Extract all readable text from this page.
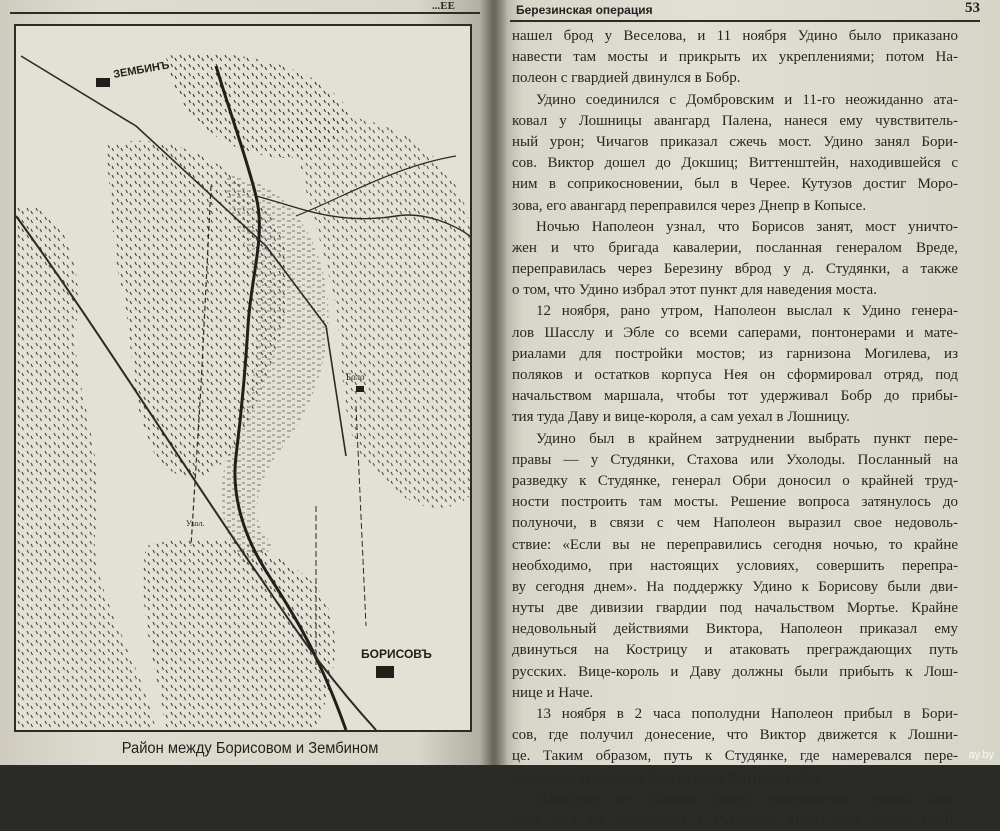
...ЕЕ
ЗЕМБИНЪ
БОРИСОВЪ
Боло
Ухол.
Район между Борисовом и Зембином
Березинская операция	53
нашел брод у Веселова, и 11 ноября Удино было приказано
навести там мосты и прикрыть их укреплениями; потом На-
полеон с гвардией двинулся в Бобр.
Удино соединился с Домбровским и 11-го неожиданно ата-
ковал у Лошницы авангард Палена, нанеся ему чувствитель-
ный урон; Чичагов приказал сжечь мост. Удино занял Бори-
сов. Виктор дошел до Докшиц; Виттенштейн, находившейся с
ним в соприкосновении, был в Черее. Кутузов достиг Моро-
зова, его авангард переправился через Днепр в Копысе.
Ночью Наполеон узнал, что Борисов занят, мост уничто-
жен и что бригада кавалерии, посланная генералом Вреде,
переправилась через Березину вброд у д. Студянки, а также
о том, что Удино избрал этот пункт для наведения моста.
12 ноября, рано утром, Наполеон выслал к Удино генера-
лов Шасслу и Эбле со всеми саперами, понтонерами и мате-
риалами для постройки мостов; из гарнизона Могилева, из
поляков и остатков корпуса Нея он сформировал отряд, под
начальством маршала, чтобы тот удерживал Бобр до прибы-
тия туда Даву и вице-короля, а сам уехал в Лошницу.
Удино был в крайнем затруднении выбрать пункт перe-
правы — у Студянки, Стахова или Ухолоды. Посланный на
разведку к Студянке, генерал Обри доносил о крайней труд-
ности построить там мосты. Решение вопроса затянулось до
полуночи, в связи с чем Наполеон выразил свое недоволь-
ствие: «Если вы не переправились сегодня ночью, то крайне
необходимо, при настоящих условиях, совершить перепра-
ву сегодня днем». На поддержку Удино к Борисову были дви-
нуты две дивизии гвардии под начальством Мортье. Крайне
недовольный действиями Виктора, Наполеон приказал ему
двинуться на Кострицу и атаковать преграждающих путь
русских. Вице-король и Даву должны были прибыть к Лош-
нице и Наче.
13 ноября в 2 часа пополудни Наполеон прибыл в Бори-
сов, где получил донесение, что Виктор движется к Лошни-
це. Таким образом, путь к Студянке, где намеревался пере-
правиться Наполеон, был открыт Витгенштейну.
Наполеон, не скрывая своего раздражения, просил Вик-
тора хотя бы удержаться у Ратутичи, чтобы дать армии прой-
ay.by
